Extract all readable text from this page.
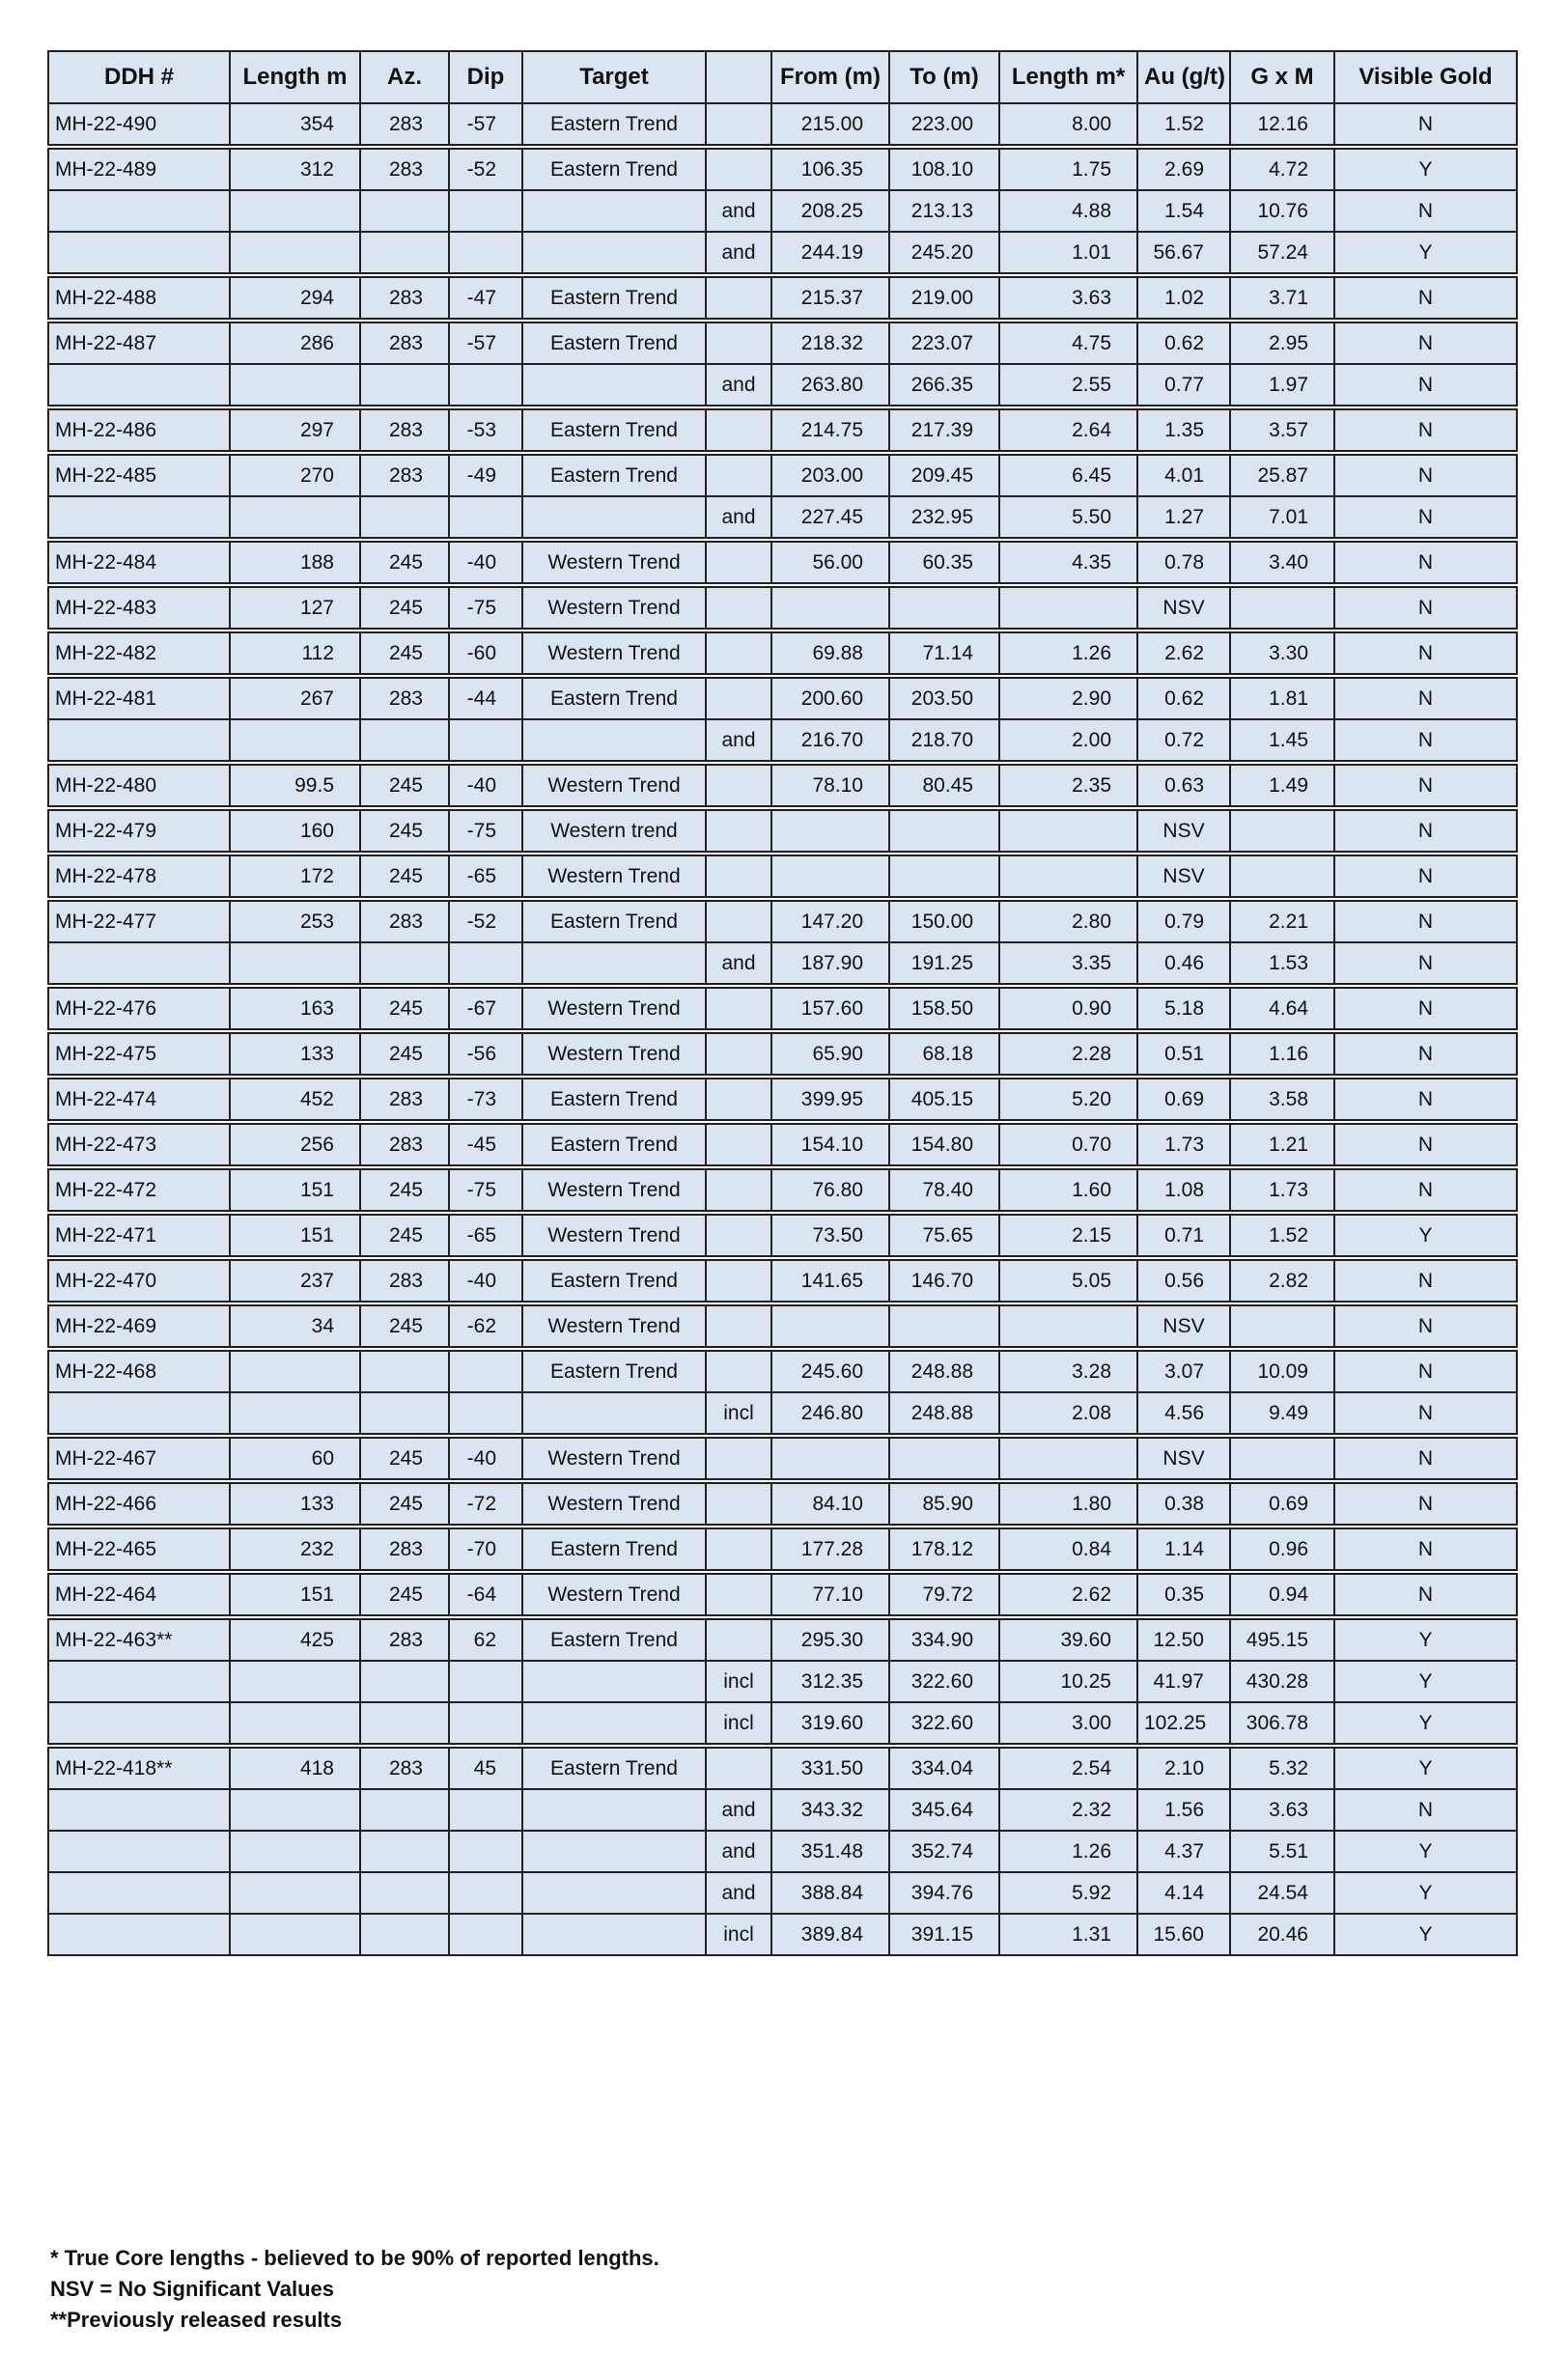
DDH #	Length m	Az.	Dip	Target		From (m)	To (m)	Length m*	Au (g/t)	G x M	Visible Gold
MH-22-490	354	283	-57	Eastern Trend		215.00	223.00	8.00	1.52	12.16	N
MH-22-489	312	283	-52	Eastern Trend		106.35	108.10	1.75	2.69	4.72	Y
					and	208.25	213.13	4.88	1.54	10.76	N
					and	244.19	245.20	1.01	56.67	57.24	Y
MH-22-488	294	283	-47	Eastern Trend		215.37	219.00	3.63	1.02	3.71	N
MH-22-487	286	283	-57	Eastern Trend		218.32	223.07	4.75	0.62	2.95	N
					and	263.80	266.35	2.55	0.77	1.97	N
MH-22-486	297	283	-53	Eastern Trend		214.75	217.39	2.64	1.35	3.57	N
MH-22-485	270	283	-49	Eastern Trend		203.00	209.45	6.45	4.01	25.87	N
					and	227.45	232.95	5.50	1.27	7.01	N
MH-22-484	188	245	-40	Western Trend		56.00	60.35	4.35	0.78	3.40	N
MH-22-483	127	245	-75	Western Trend					NSV		N
MH-22-482	112	245	-60	Western Trend		69.88	71.14	1.26	2.62	3.30	N
MH-22-481	267	283	-44	Eastern Trend		200.60	203.50	2.90	0.62	1.81	N
					and	216.70	218.70	2.00	0.72	1.45	N
MH-22-480	99.5	245	-40	Western Trend		78.10	80.45	2.35	0.63	1.49	N
MH-22-479	160	245	-75	Western trend					NSV		N
MH-22-478	172	245	-65	Western Trend					NSV		N
MH-22-477	253	283	-52	Eastern Trend		147.20	150.00	2.80	0.79	2.21	N
					and	187.90	191.25	3.35	0.46	1.53	N
MH-22-476	163	245	-67	Western Trend		157.60	158.50	0.90	5.18	4.64	N
MH-22-475	133	245	-56	Western Trend		65.90	68.18	2.28	0.51	1.16	N
MH-22-474	452	283	-73	Eastern Trend		399.95	405.15	5.20	0.69	3.58	N
MH-22-473	256	283	-45	Eastern Trend		154.10	154.80	0.70	1.73	1.21	N
MH-22-472	151	245	-75	Western Trend		76.80	78.40	1.60	1.08	1.73	N
MH-22-471	151	245	-65	Western Trend		73.50	75.65	2.15	0.71	1.52	Y
MH-22-470	237	283	-40	Eastern Trend		141.65	146.70	5.05	0.56	2.82	N
MH-22-469	34	245	-62	Western Trend					NSV		N
MH-22-468				Eastern Trend		245.60	248.88	3.28	3.07	10.09	N
					incl	246.80	248.88	2.08	4.56	9.49	N
MH-22-467	60	245	-40	Western Trend					NSV		N
MH-22-466	133	245	-72	Western Trend		84.10	85.90	1.80	0.38	0.69	N
MH-22-465	232	283	-70	Eastern Trend		177.28	178.12	0.84	1.14	0.96	N
MH-22-464	151	245	-64	Western Trend		77.10	79.72	2.62	0.35	0.94	N
MH-22-463**	425	283	62	Eastern Trend		295.30	334.90	39.60	12.50	495.15	Y
					incl	312.35	322.60	10.25	41.97	430.28	Y
					incl	319.60	322.60	3.00	102.25	306.78	Y
MH-22-418**	418	283	45	Eastern Trend		331.50	334.04	2.54	2.10	5.32	Y
					and	343.32	345.64	2.32	1.56	3.63	N
					and	351.48	352.74	1.26	4.37	5.51	Y
					and	388.84	394.76	5.92	4.14	24.54	Y
					incl	389.84	391.15	1.31	15.60	20.46	Y
* True Core lengths - believed to be 90% of reported lengths.
NSV = No Significant Values
**Previously released results
